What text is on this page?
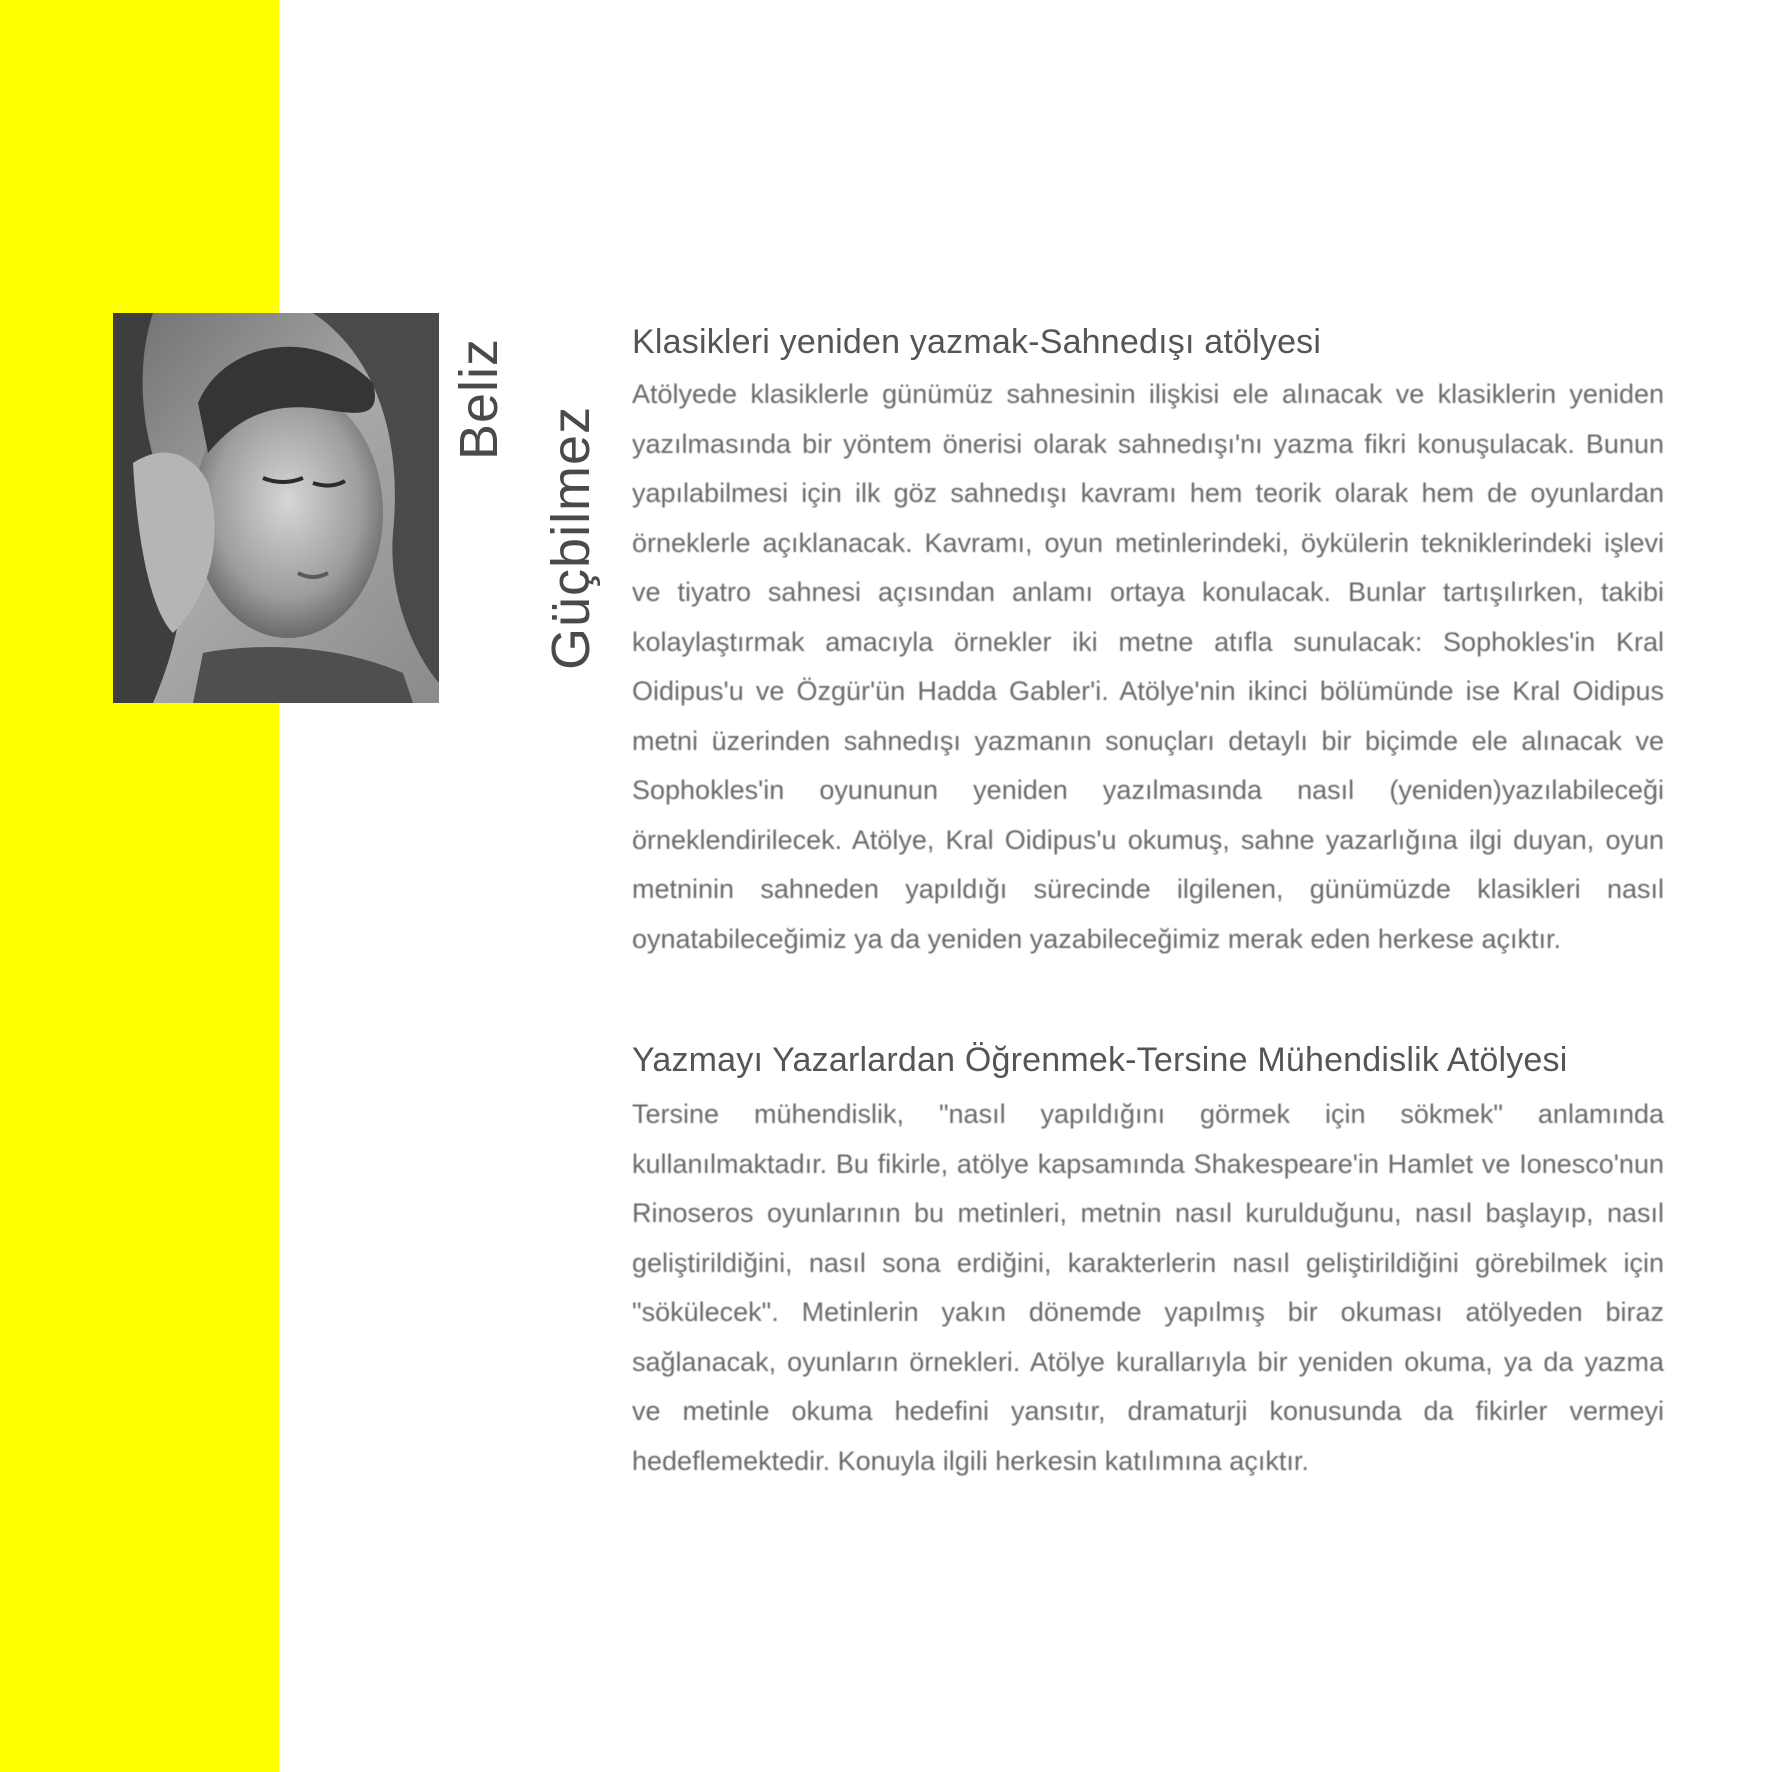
Beliz
Güçbilmez
Klasikleri yeniden yazmak-Sahnedışı atölyesi

Atölyede klasiklerle günümüz sahnesinin ilişkisi ele alınacak ve klasiklerin yeniden yazılmasında bir yöntem önerisi olarak sahnedışı'nı yazma fikri konuşulacak. Bunun yapılabilmesi için ilk göz sahnedışı kavramı hem teorik olarak hem de oyunlardan örneklerle açıklanacak. Kavramı, oyun metinlerindeki, öykülerin tekniklerindeki işlevi ve tiyatro sahnesi açısından anlamı ortaya konulacak. Bunlar tartışılırken, takibi kolaylaştırmak amacıyla örnekler iki metne atıfla sunulacak: Sophokles'in Kral Oidipus'u ve Özgür'ün Hadda Gabler'i. Atölye'nin ikinci bölümünde ise Kral Oidipus metni üzerinden sahnedışı yazmanın sonuçları detaylı bir biçimde ele alınacak ve Sophokles'in oyununun yeniden yazılmasında nasıl (yeniden)yazılabileceği örneklendirilecek. Atölye, Kral Oidipus'u okumuş, sahne yazarlığına ilgi duyan, oyun metninin sahneden yapıldığı sürecinde ilgilenen, günümüzde klasikleri nasıl oynatabileceğimiz ya da yeniden yazabileceğimiz merak eden herkese açıktır.

Yazmayı Yazarlardan Öğrenmek-Tersine Mühendislik Atölyesi

Tersine mühendislik, "nasıl yapıldığını görmek için sökmek" anlamında kullanılmaktadır. Bu fikirle, atölye kapsamında Shakespeare'in Hamlet ve Ionesco'nun Rinoseros oyunlarının bu metinleri, metnin nasıl kurulduğunu, nasıl başlayıp, nasıl geliştirildiğini, nasıl sona erdiğini, karakterlerin nasıl geliştirildiğini görebilmek için "sökülecek". Metinlerin yakın dönemde yapılmış bir okuması atölyeden biraz sağlanacak, oyunların örnekleri. Atölye kurallarıyla bir yeniden okuma, ya da yazma ve metinle okuma hedefini yansıtır, dramaturji konusunda da fikirler vermeyi hedeflemektedir. Konuyla ilgili herkesin katılımına açıktır.
